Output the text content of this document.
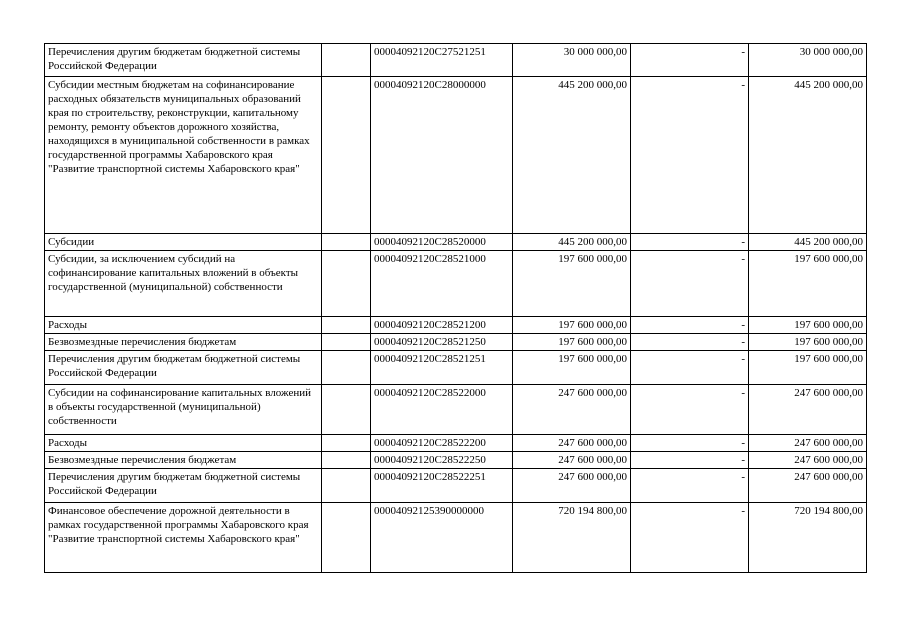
Перечисления другим бюджетам бюджетной системы Российской Федерации		00004092120C27521251	30 000 000,00	-	30 000 000,00
Субсидии местным бюджетам на софинансирование расходных обязательств муниципальных образований края по строительству, реконструкции, капитальному ремонту, ремонту объектов дорожного хозяйства, находящихся в муниципальной собственности в рамках государственной программы Хабаровского края "Развитие транспортной системы Хабаровского края"		00004092120C28000000	445 200 000,00	-	445 200 000,00
Субсидии		00004092120C28520000	445 200 000,00	-	445 200 000,00
Субсидии, за исключением субсидий на софинансирование капитальных вложений в объекты государственной (муниципальной) собственности		00004092120C28521000	197 600 000,00	-	197 600 000,00
Расходы		00004092120C28521200	197 600 000,00	-	197 600 000,00
Безвозмездные перечисления бюджетам		00004092120C28521250	197 600 000,00	-	197 600 000,00
Перечисления другим бюджетам бюджетной системы Российской Федерации		00004092120C28521251	197 600 000,00	-	197 600 000,00
Субсидии на софинансирование капитальных вложений в объекты государственной (муниципальной) собственности		00004092120C28522000	247 600 000,00	-	247 600 000,00
Расходы		00004092120C28522200	247 600 000,00	-	247 600 000,00
Безвозмездные перечисления бюджетам		00004092120C28522250	247 600 000,00	-	247 600 000,00
Перечисления другим бюджетам бюджетной системы Российской Федерации		00004092120C28522251	247 600 000,00	-	247 600 000,00
Финансовое обеспечение дорожной деятельности в рамках государственной программы Хабаровского края "Развитие транспортной системы Хабаровского края"		00004092125390000000	720 194 800,00	-	720 194 800,00
